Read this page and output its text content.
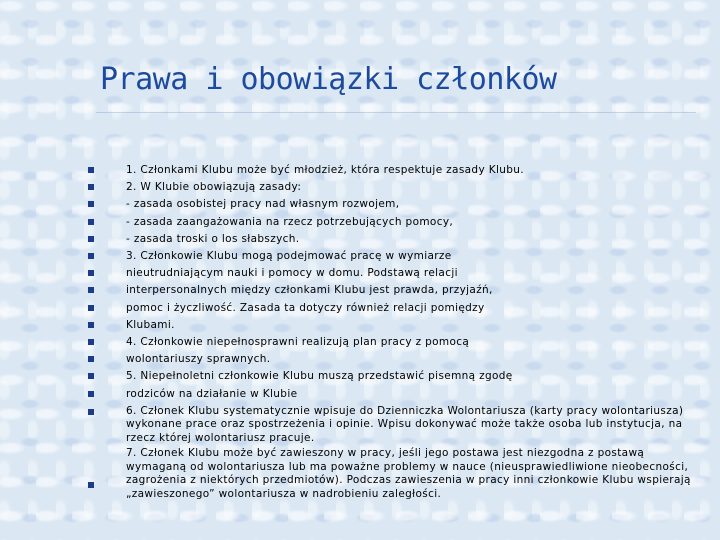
Prawa i obowiązki członków
1. Członkami Klubu może być młodzież, która respektuje zasady Klubu.
2. W Klubie obowiązują zasady:
- zasada osobistej pracy nad własnym rozwojem,
- zasada zaangażowania na rzecz potrzebujących pomocy,
- zasada troski o los słabszych.
3. Członkowie Klubu mogą podejmować pracę w wymiarze
nieutrudniającym nauki i pomocy w domu. Podstawą relacji
interpersonalnych między członkami Klubu jest prawda, przyjaźń,
pomoc i życzliwość. Zasada ta dotyczy również relacji pomiędzy
Klubami.
4. Członkowie niepełnosprawni realizują plan pracy z pomocą
wolontariuszy sprawnych.
5. Niepełnoletni członkowie Klubu muszą przedstawić pisemną zgodę
rodziców na działanie w Klubie
6. Członek Klubu systematycznie wpisuje do Dzienniczka Wolontariusza (karty pracy wolontariusza) wykonane prace oraz spostrzeżenia i opinie. Wpisu dokonywać może także osoba lub instytucja, na rzecz której wolontariusz pracuje.
7. Członek Klubu może być zawieszony w pracy, jeśli jego postawa jest niezgodna z postawą wymaganą od wolontariusza lub ma poważne problemy w nauce (nieusprawiedliwione nieobecności, zagrożenia z niektórych przedmiotów). Podczas zawieszenia w pracy inni członkowie Klubu wspierają „zawieszonego” wolontariusza w nadrobieniu zaległości.
